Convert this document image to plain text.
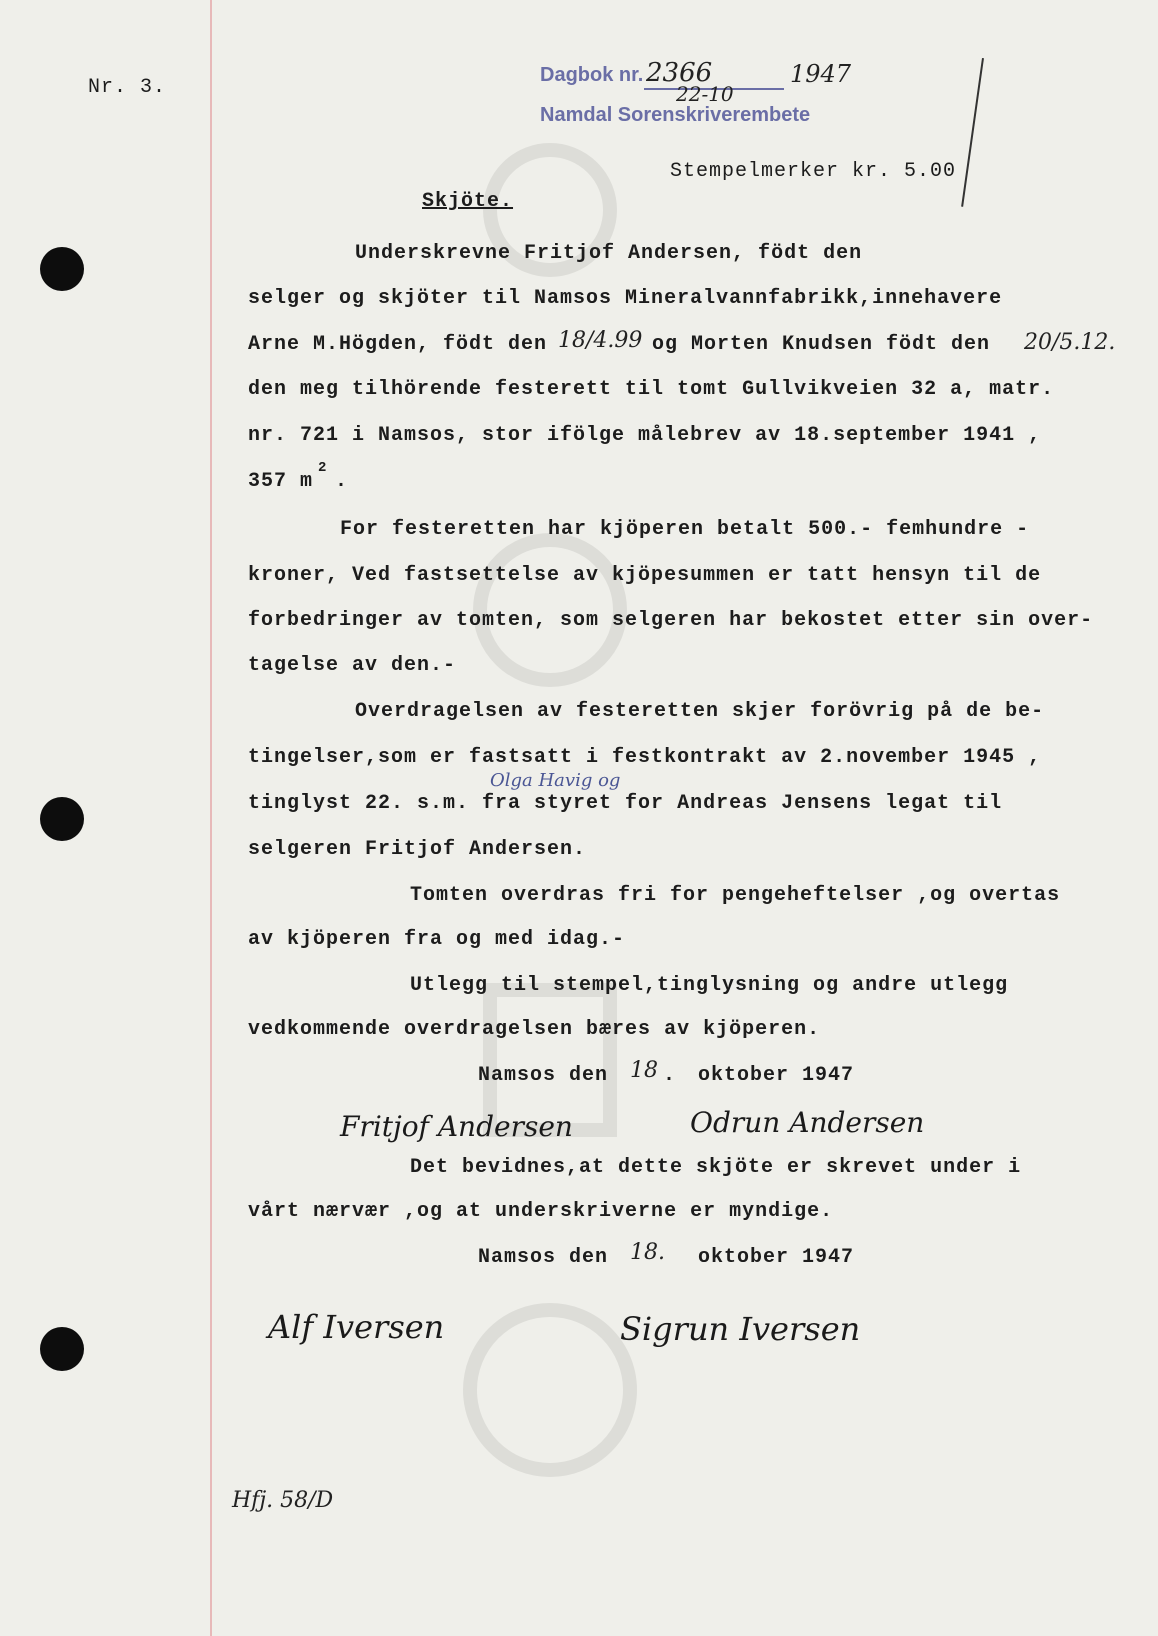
Nr. 3.
Dagbok nr. 2366	1947
22-10
Namdal Sorenskriverembete
Stempelmerker kr. 5.00
Skjöte.
Underskrevne Fritjof Andersen, födt den
selger og skjöter til Namsos Mineralvannfabrikk,innehavere
Arne M.Högden, födt den 18/4.99 og Morten Knudsen födt den 20/5.12.
den meg tilhörende festerett til tomt Gullvikveien 32 a, matr.
nr. 721 i Namsos, stor ifölge målebrev av 18.september 1941 ,
357 m
2
.
For festeretten har kjöperen betalt 500.- femhundre -
kroner, Ved fastsettelse av kjöpesummen er tatt hensyn til de
forbedringer av tomten, som selgeren har bekostet etter sin over-
tagelse av den.-
Overdragelsen av festeretten skjer forövrig på de be-
tingelser,som er fastsatt i festkontrakt av 2.november 1945 ,
Olga Havig og
tinglyst 22. s.m. fra styret for Andreas Jensens legat til
selgeren Fritjof Andersen.
Tomten overdras fri for pengeheftelser ,og overtas
av kjöperen fra og med idag.-
Utlegg til stempel,tinglysning og andre utlegg
vedkommende overdragelsen bæres av kjöperen.
Namsos den 18 . oktober 1947
Fritjof Andersen	Odrun Andersen
Det bevidnes,at dette skjöte er skrevet under i
vårt nærvær ,og at underskriverne er myndige.
Namsos den 18. oktober 1947
Alf Iversen	Sigrun Iversen
Hfj. 58/D
